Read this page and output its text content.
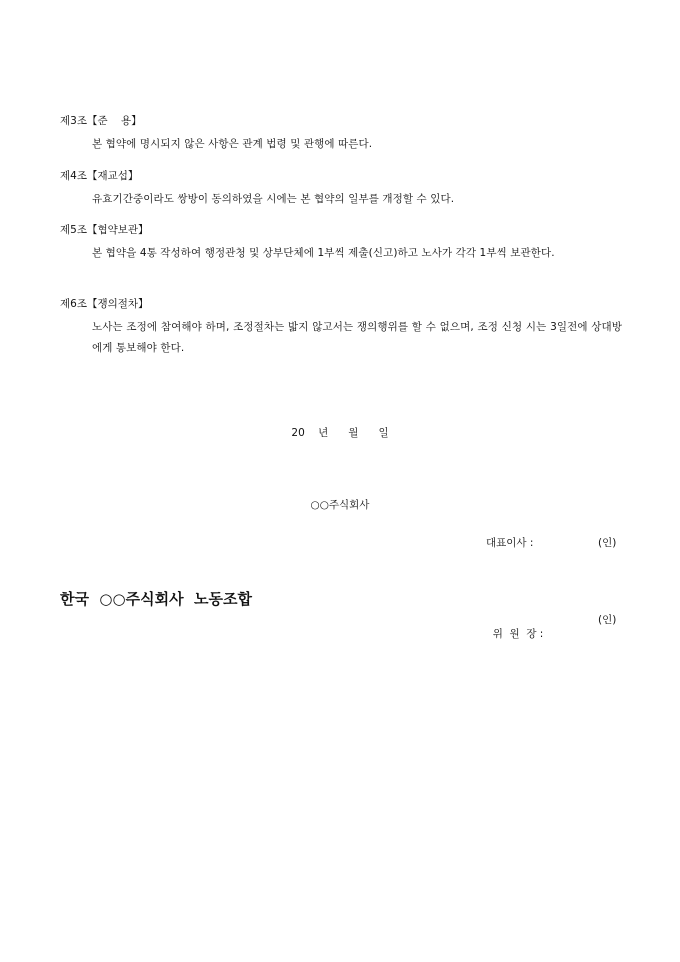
제3조【준    용】
본 협약에 명시되지 않은 사항은 관계 법령 및 관행에 따른다.
제4조【재교섭】
유효기간중이라도 쌍방이 동의하였을 시에는 본 협약의 일부를 개정할 수 있다.
제5조【협약보관】
본 협약을 4통 작성하여 행정관청 및 상부단체에 1부씩 제출(신고)하고 노사가 각각 1부씩 보관한다.
제6조【쟁의절차】
노사는 조정에 참여해야 하며, 조정절차는 밟지 않고서는 쟁의행위를 할 수 없으며, 조정 신청 시는 3일전에 상대방에게 통보해야 한다.
20    년      월      일
○○주식회사
대표이사 :	(인)
한국  ○○주식회사  노동조합

위  원  장 :

(인)
